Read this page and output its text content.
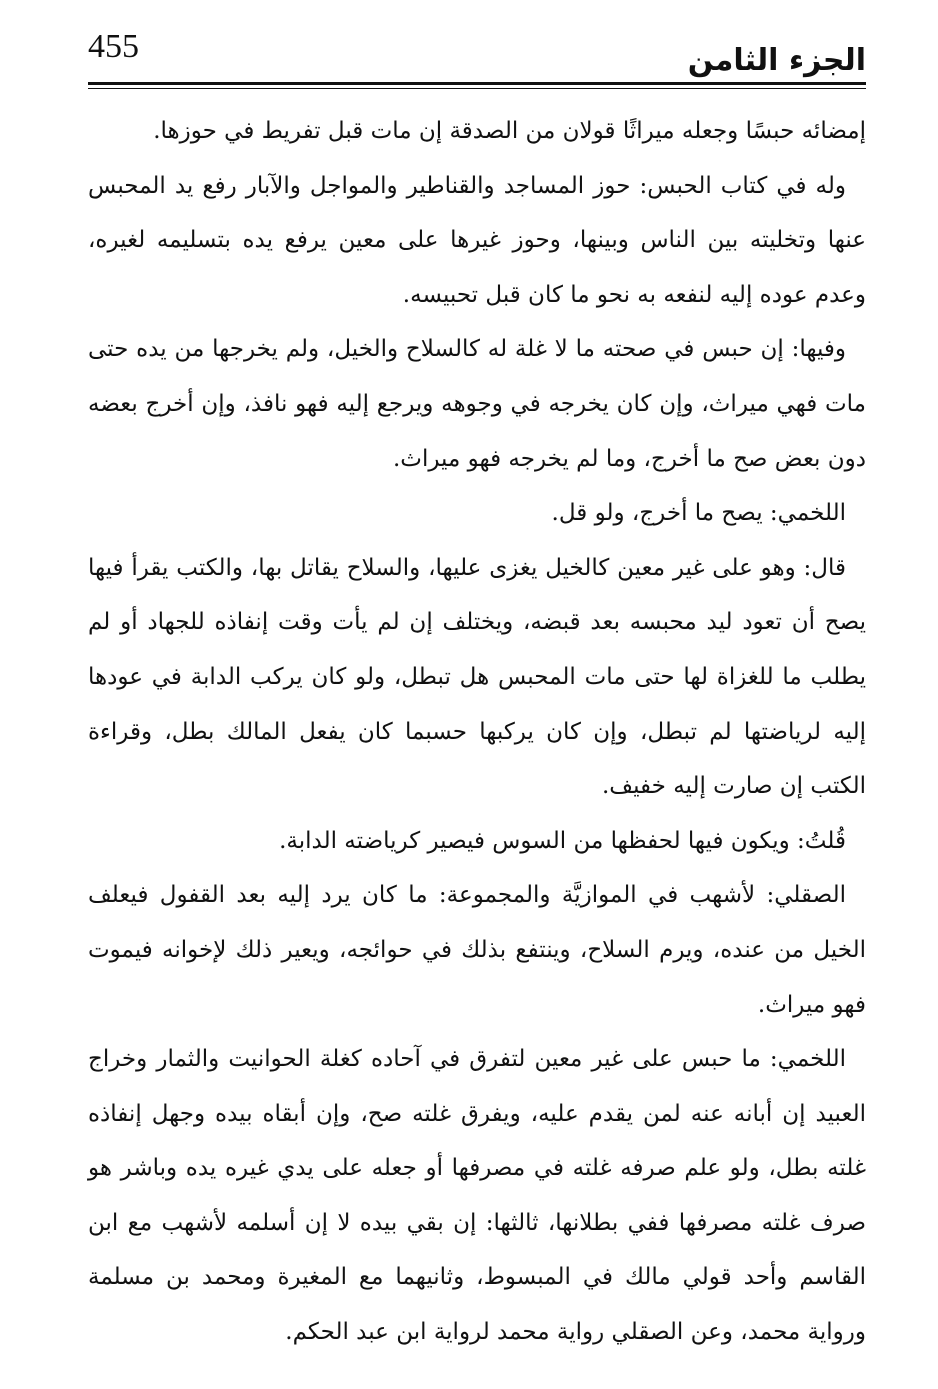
الجزء الثامن
455

إمضائه حبسًا وجعله ميراثًا قولان من الصدقة إن مات قبل تفريط في حوزها.

وله في كتاب الحبس: حوز المساجد والقناطير والمواجل والآبار رفع يد المحبس عنها وتخليته بين الناس وبينها، وحوز غيرها على معين يرفع يده بتسليمه لغيره، وعدم عوده إليه لنفعه به نحو ما كان قبل تحبيسه.

وفيها: إن حبس في صحته ما لا غلة له كالسلاح والخيل، ولم يخرجها من يده حتى مات فهي ميراث، وإن كان يخرجه في وجوهه ويرجع إليه فهو نافذ، وإن أخرج بعضه دون بعض صح ما أخرج، وما لم يخرجه فهو ميراث.

اللخمي: يصح ما أخرج، ولو قل.

قال: وهو على غير معين كالخيل يغزى عليها، والسلاح يقاتل بها، والكتب يقرأ فيها يصح أن تعود ليد محبسه بعد قبضه، ويختلف إن لم يأت وقت إنفاذه للجهاد أو لم يطلب ما للغزاة لها حتى مات المحبس هل تبطل، ولو كان يركب الدابة في عودها إليه لرياضتها لم تبطل، وإن كان يركبها حسبما كان يفعل المالك بطل، وقراءة الكتب إن صارت إليه خفيف.

قُلتُ: ويكون فيها لحفظها من السوس فيصير كرياضته الدابة.

الصقلي: لأشهب في الموازيَّة والمجموعة: ما كان يرد إليه بعد القفول فيعلف الخيل من عنده، ويرم السلاح، وينتفع بذلك في حوائجه، ويعير ذلك لإخوانه فيموت فهو ميراث.

اللخمي: ما حبس على غير معين لتفرق في آحاده كغلة الحوانيت والثمار وخراج العبيد إن أبانه عنه لمن يقدم عليه، ويفرق غلته صح، وإن أبقاه بيده وجهل إنفاذه غلته بطل، ولو علم صرفه غلته في مصرفها أو جعله على يدي غيره يده وباشر هو صرف غلته مصرفها ففي بطلانها، ثالثها: إن بقي بيده لا إن أسلمه لأشهب مع ابن القاسم وأحد قولي مالك في المبسوط، وثانيهما مع المغيرة ومحمد بن مسلمة ورواية محمد، وعن الصقلي رواية محمد لرواية ابن عبد الحكم.
